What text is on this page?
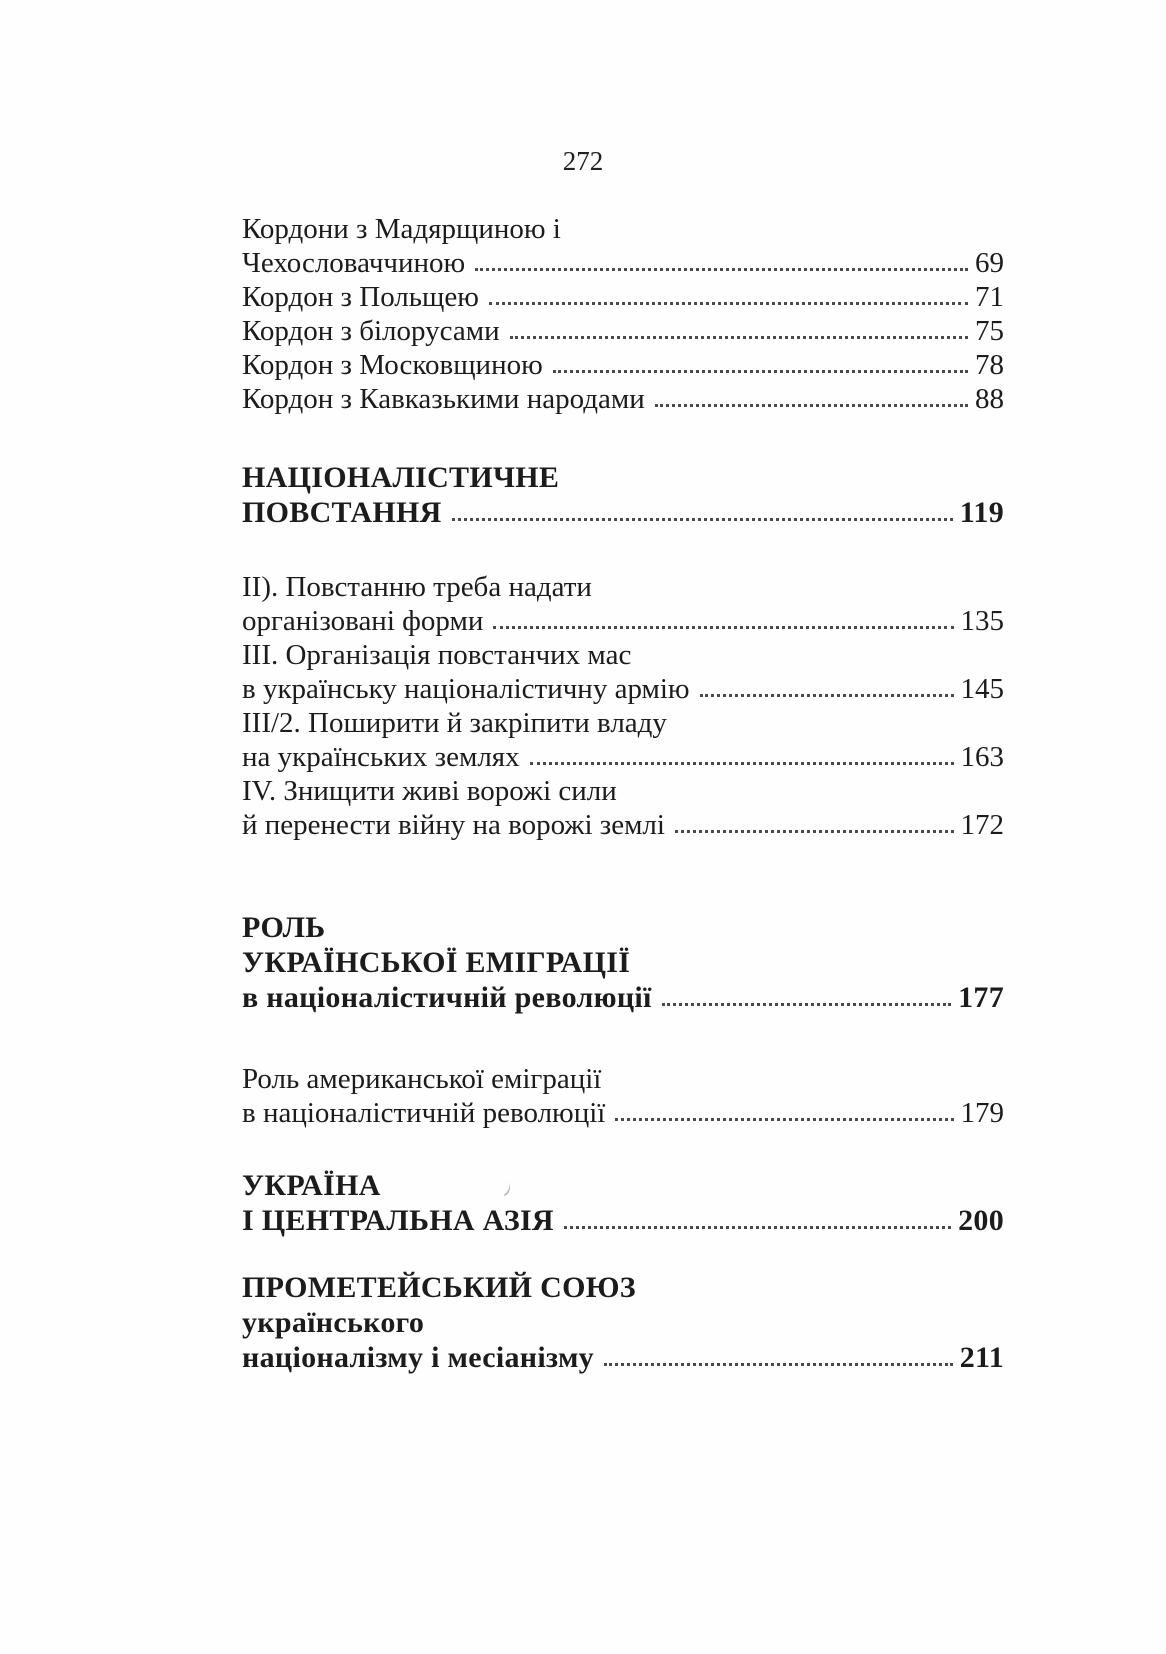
272
Кордони з Мадярщиною і
Чехословаччиною	69
Кордон з Польщею	71
Кордон з білорусами	75
Кордон з Московщиною	78
Кордон з Кавказькими народами	88
НАЦІОНАЛІСТИЧНЕ
ПОВСТАННЯ	119
II). Повстанню треба надати
організовані форми	135
III. Організація повстанчих мас
в українську націоналістичну армію	145
III/2. Поширити й закріпити владу
на українських землях	163
IV. Знищити живі ворожі сили
й перенести війну на ворожі землі	172
РОЛЬ
УКРАЇНСЬКОЇ ЕМІГРАЦІЇ
в націоналістичній революції	177
Роль американської еміграції
в націоналістичній революції	179
УКРАЇНА
І ЦЕНТРАЛЬНА АЗІЯ	200
ПРОМЕТЕЙСЬКИЙ СОЮЗ
українського
націоналізму і месіанізму	211
